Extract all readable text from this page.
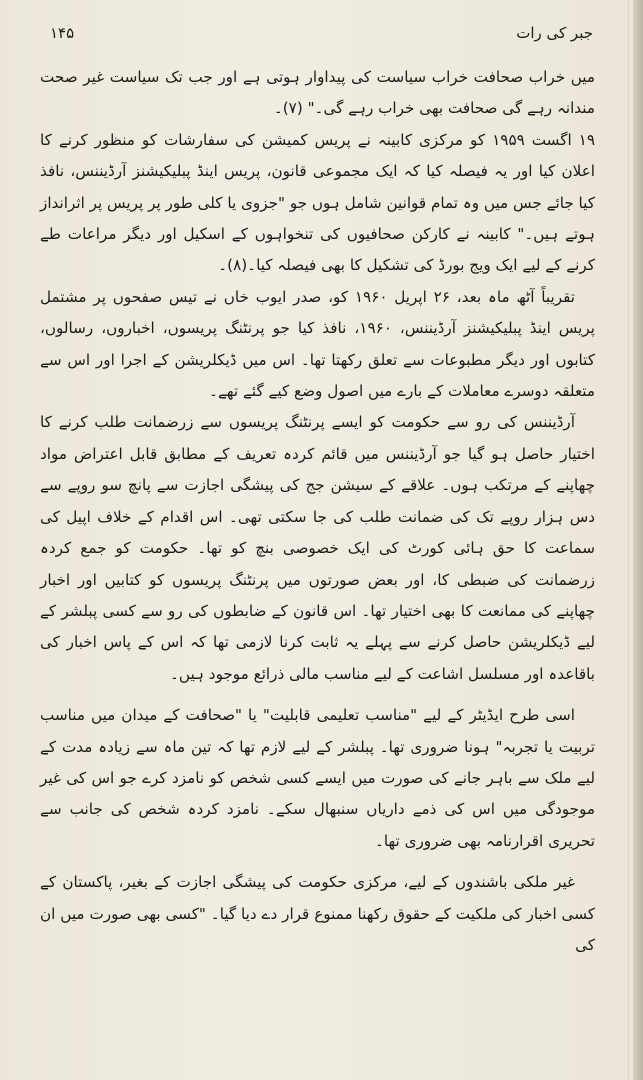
۱۴۵	جبر کی رات

میں خراب صحافت خراب سیاست کی پیداوار ہوتی ہے اور جب تک سیاست غیر صحت مندانہ رہے گی صحافت بھی خراب رہے گی۔" (۷)۔

۱۹ اگست ۱۹۵۹ کو مرکزی کابینہ نے پریس کمیشن کی سفارشات کو منظور کرنے کا اعلان کیا اور یہ فیصلہ کیا کہ ایک مجموعی قانون، پریس اینڈ پبلیکیشنز آرڈیننس، نافذ کیا جائے جس میں وہ تمام قوانین شامل ہوں جو "جزوی یا کلی طور پر پریس پر اثرانداز ہوتے ہیں۔" کابینہ نے کارکن صحافیوں کی تنخواہوں کے اسکیل اور دیگر مراعات طے کرنے کے لیے ایک ویج بورڈ کی تشکیل کا بھی فیصلہ کیا۔(۸)۔

تقریباً آٹھ ماہ بعد، ۲۶ اپریل ۱۹۶۰ کو، صدر ایوب خاں نے تیس صفحوں پر مشتمل پریس اینڈ پبلیکیشنز آرڈیننس، ۱۹۶۰، نافذ کیا جو پرنٹنگ پریسوں، اخباروں، رسالوں، کتابوں اور دیگر مطبوعات سے تعلق رکھتا تھا۔ اس میں ڈیکلریشن کے اجرا اور اس سے متعلقہ دوسرے معاملات کے بارے میں اصول وضع کیے گئے تھے۔

آرڈیننس کی رو سے حکومت کو ایسے پرنٹنگ پریسوں سے زرضمانت طلب کرنے کا اختیار حاصل ہو گیا جو آرڈیننس میں قائم کردہ تعریف کے مطابق قابل اعتراض مواد چھاپنے کے مرتکب ہوں۔ علاقے کے سیشن جج کی پیشگی اجازت سے پانچ سو روپے سے دس ہزار روپے تک کی ضمانت طلب کی جا سکتی تھی۔ اس اقدام کے خلاف اپیل کی سماعت کا حق ہائی کورٹ کی ایک خصوصی بنچ کو تھا۔ حکومت کو جمع کردہ زرضمانت کی ضبطی کا، اور بعض صورتوں میں پرنٹنگ پریسوں کو کتابیں اور اخبار چھاپنے کی ممانعت کا بھی اختیار تھا۔ اس قانون کے ضابطوں کی رو سے کسی پبلشر کے لیے ڈیکلریشن حاصل کرنے سے پہلے یہ ثابت کرنا لازمی تھا کہ اس کے پاس اخبار کی باقاعدہ اور مسلسل اشاعت کے لیے مناسب مالی ذرائع موجود ہیں۔

اسی طرح ایڈیٹر کے لیے "مناسب تعلیمی قابلیت" یا "صحافت کے میدان میں مناسب تربیت یا تجربہ" ہونا ضروری تھا۔ پبلشر کے لیے لازم تھا کہ تین ماہ سے زیادہ مدت کے لیے ملک سے باہر جانے کی صورت میں ایسے کسی شخص کو نامزد کرے جو اس کی غیر موجودگی میں اس کی ذمے داریاں سنبھال سکے۔ نامزد کردہ شخص کی جانب سے تحریری اقرارنامہ بھی ضروری تھا۔

غیر ملکی باشندوں کے لیے، مرکزی حکومت کی پیشگی اجازت کے بغیر، پاکستان کے کسی اخبار کی ملکیت کے حقوق رکھنا ممنوع قرار دے دیا گیا۔ "کسی بھی صورت میں ان کی
